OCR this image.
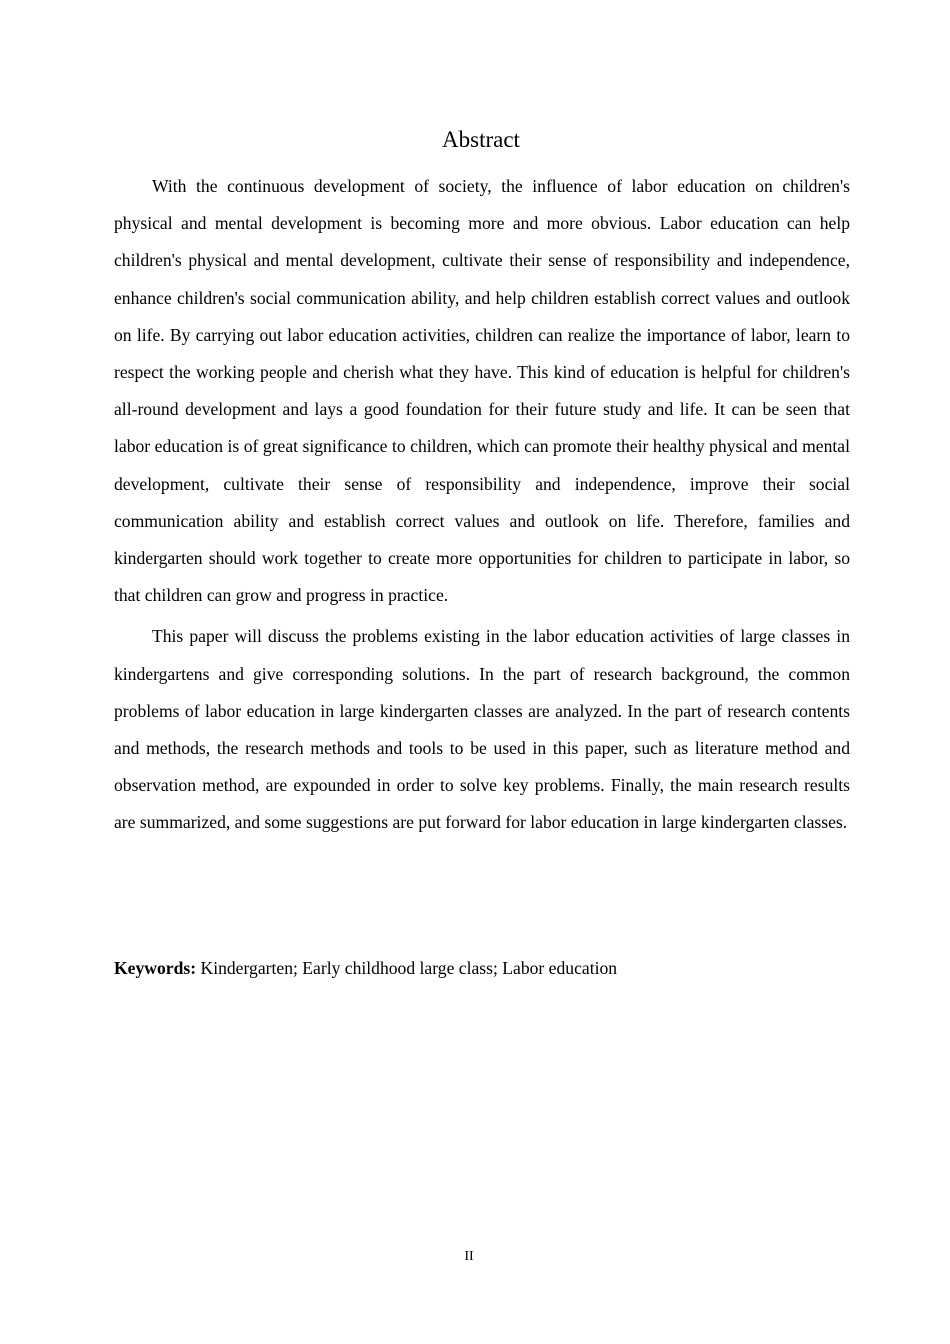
Abstract

With the continuous development of society, the influence of labor education on children's physical and mental development is becoming more and more obvious. Labor education can help children's physical and mental development, cultivate their sense of responsibility and independence, enhance children's social communication ability, and help children establish correct values and outlook on life. By carrying out labor education activities, children can realize the importance of labor, learn to respect the working people and cherish what they have. This kind of education is helpful for children's all-round development and lays a good foundation for their future study and life. It can be seen that labor education is of great significance to children, which can promote their healthy physical and mental development, cultivate their sense of responsibility and independence, improve their social communication ability and establish correct values and outlook on life. Therefore, families and kindergarten should work together to create more opportunities for children to participate in labor, so that children can grow and progress in practice.

This paper will discuss the problems existing in the labor education activities of large classes in kindergartens and give corresponding solutions. In the part of research background, the common problems of labor education in large kindergarten classes are analyzed. In the part of research contents and methods, the research methods and tools to be used in this paper, such as literature method and observation method, are expounded in order to solve key problems. Finally, the main research results are summarized, and some suggestions are put forward for labor education in large kindergarten classes.

Keywords: Kindergarten; Early childhood large class; Labor education

II
